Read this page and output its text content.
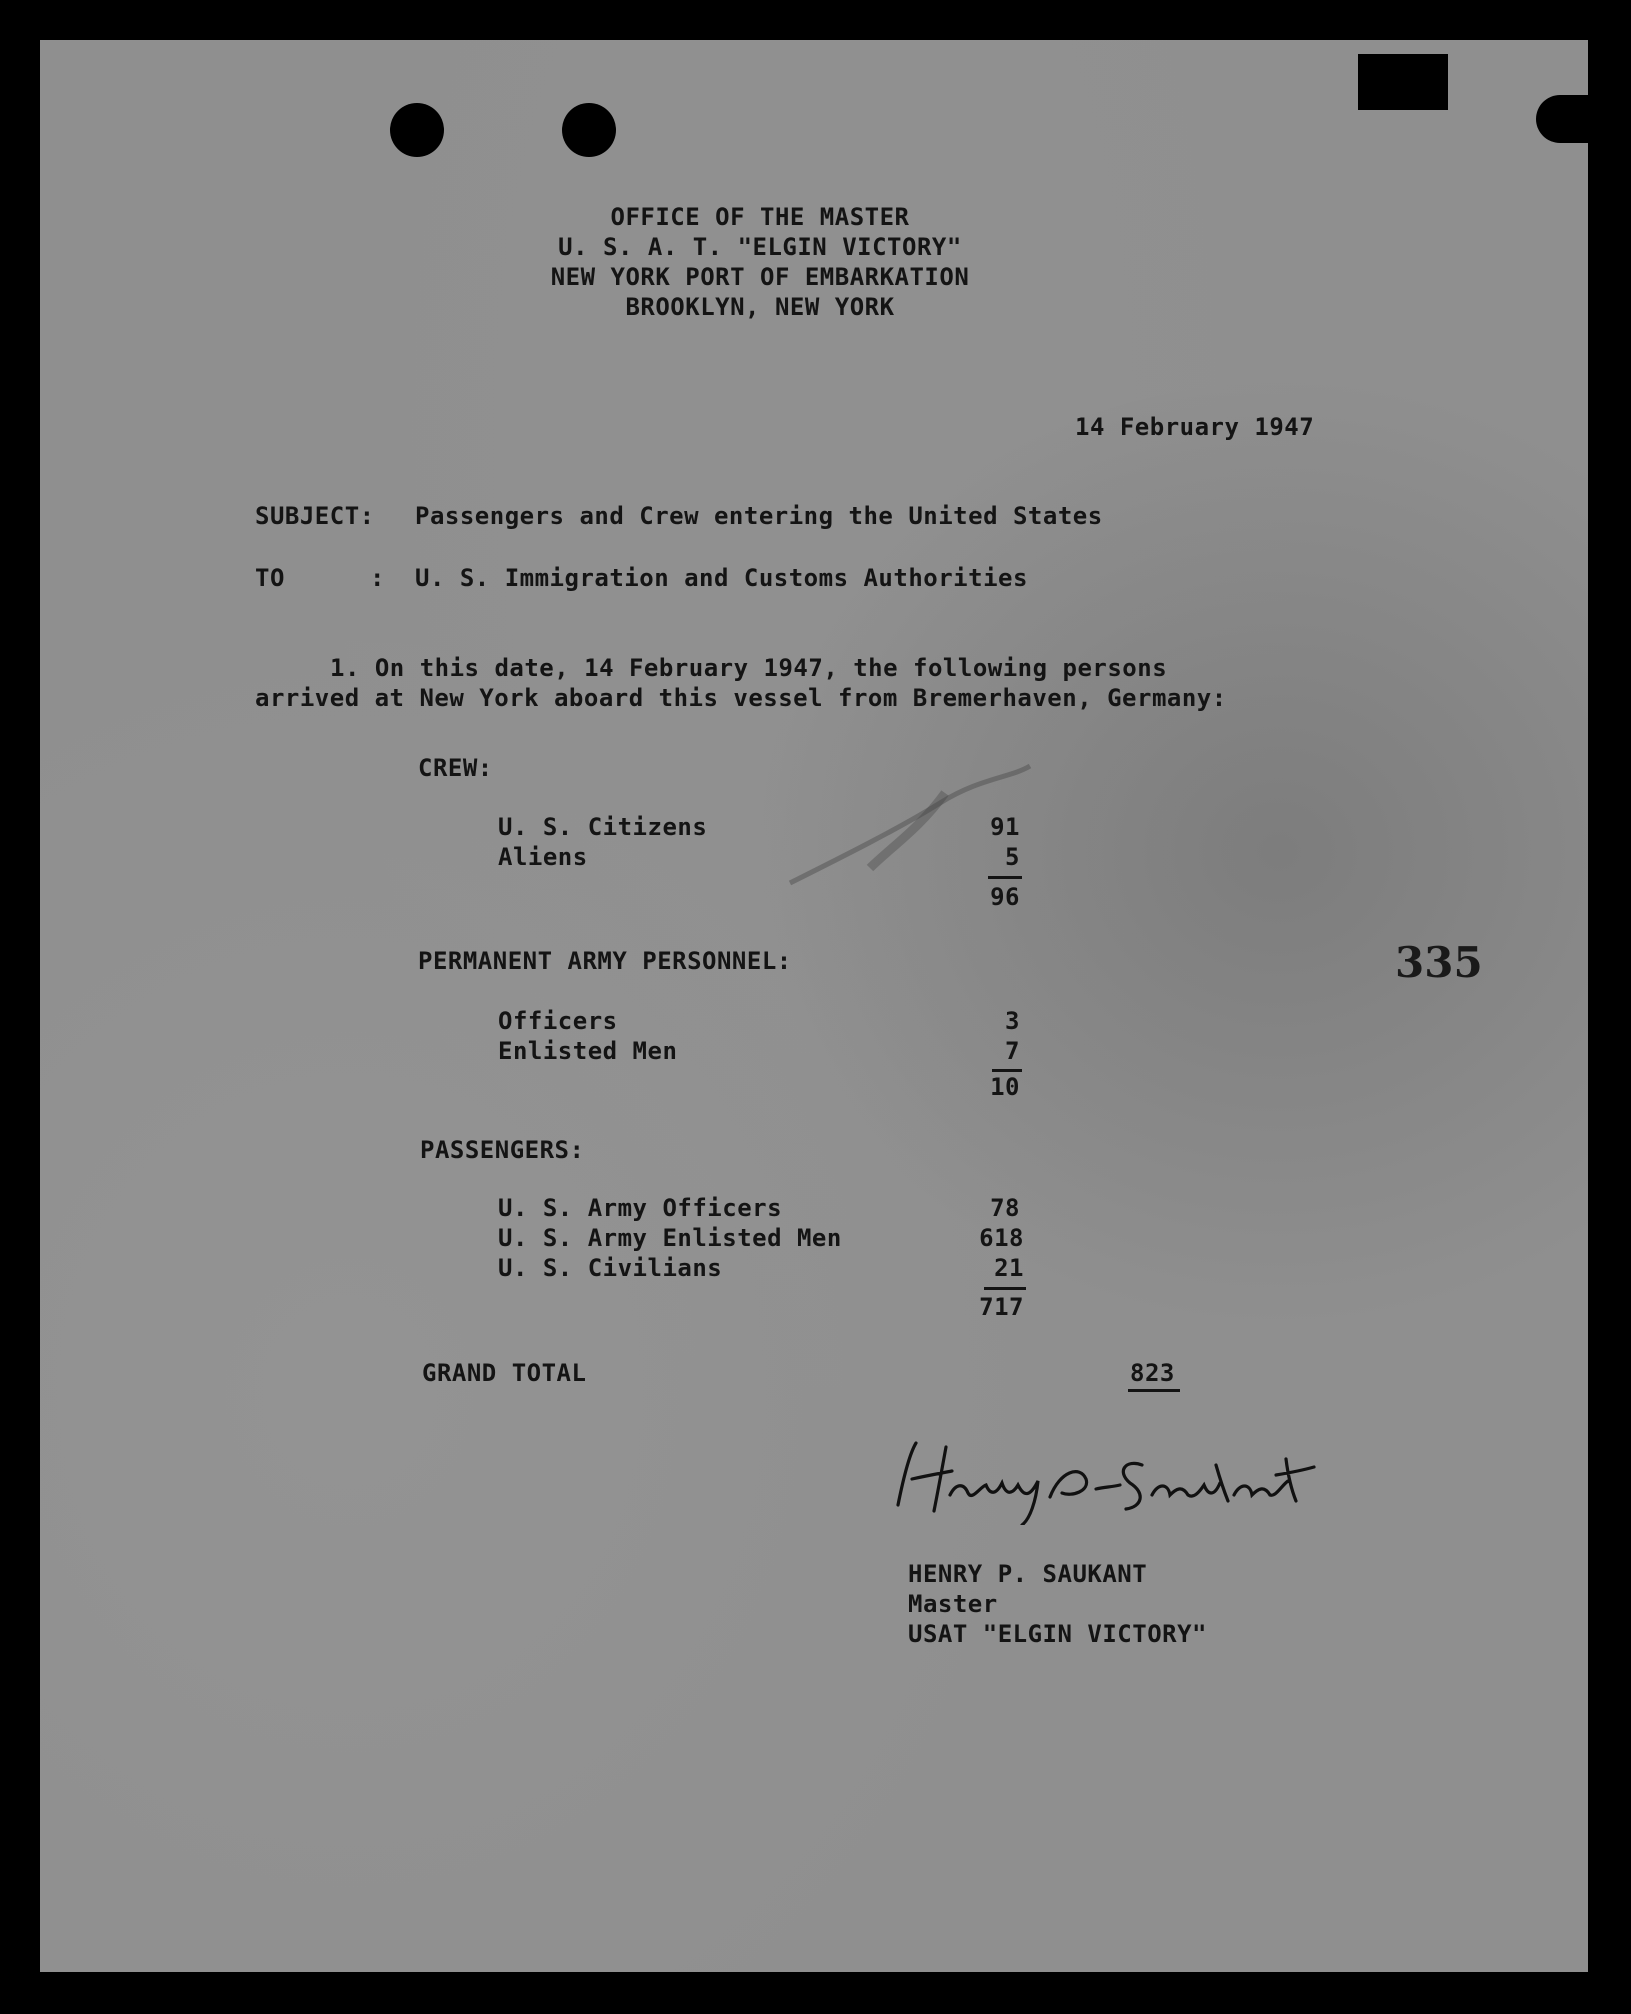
OFFICE OF THE MASTER
U. S. A. T. "ELGIN VICTORY"
NEW YORK PORT OF EMBARKATION
BROOKLYN, NEW YORK
14 February 1947
SUBJECT: Passengers and Crew entering the United States
TO	: U. S. Immigration and Customs Authorities
1. On this date, 14 February 1947, the following persons
arrived at New York aboard this vessel from Bremerhaven, Germany:
CREW:
U. S. Citizens	91
Aliens	5
96
PERMANENT ARMY PERSONNEL:
Officers	3
Enlisted Men	7
10
PASSENGERS:
U. S. Army Officers	78
U. S. Army Enlisted Men	618
U. S. Civilians	21
717
GRAND TOTAL	823
335
HENRY P. SAUKANT
Master
USAT "ELGIN VICTORY"
